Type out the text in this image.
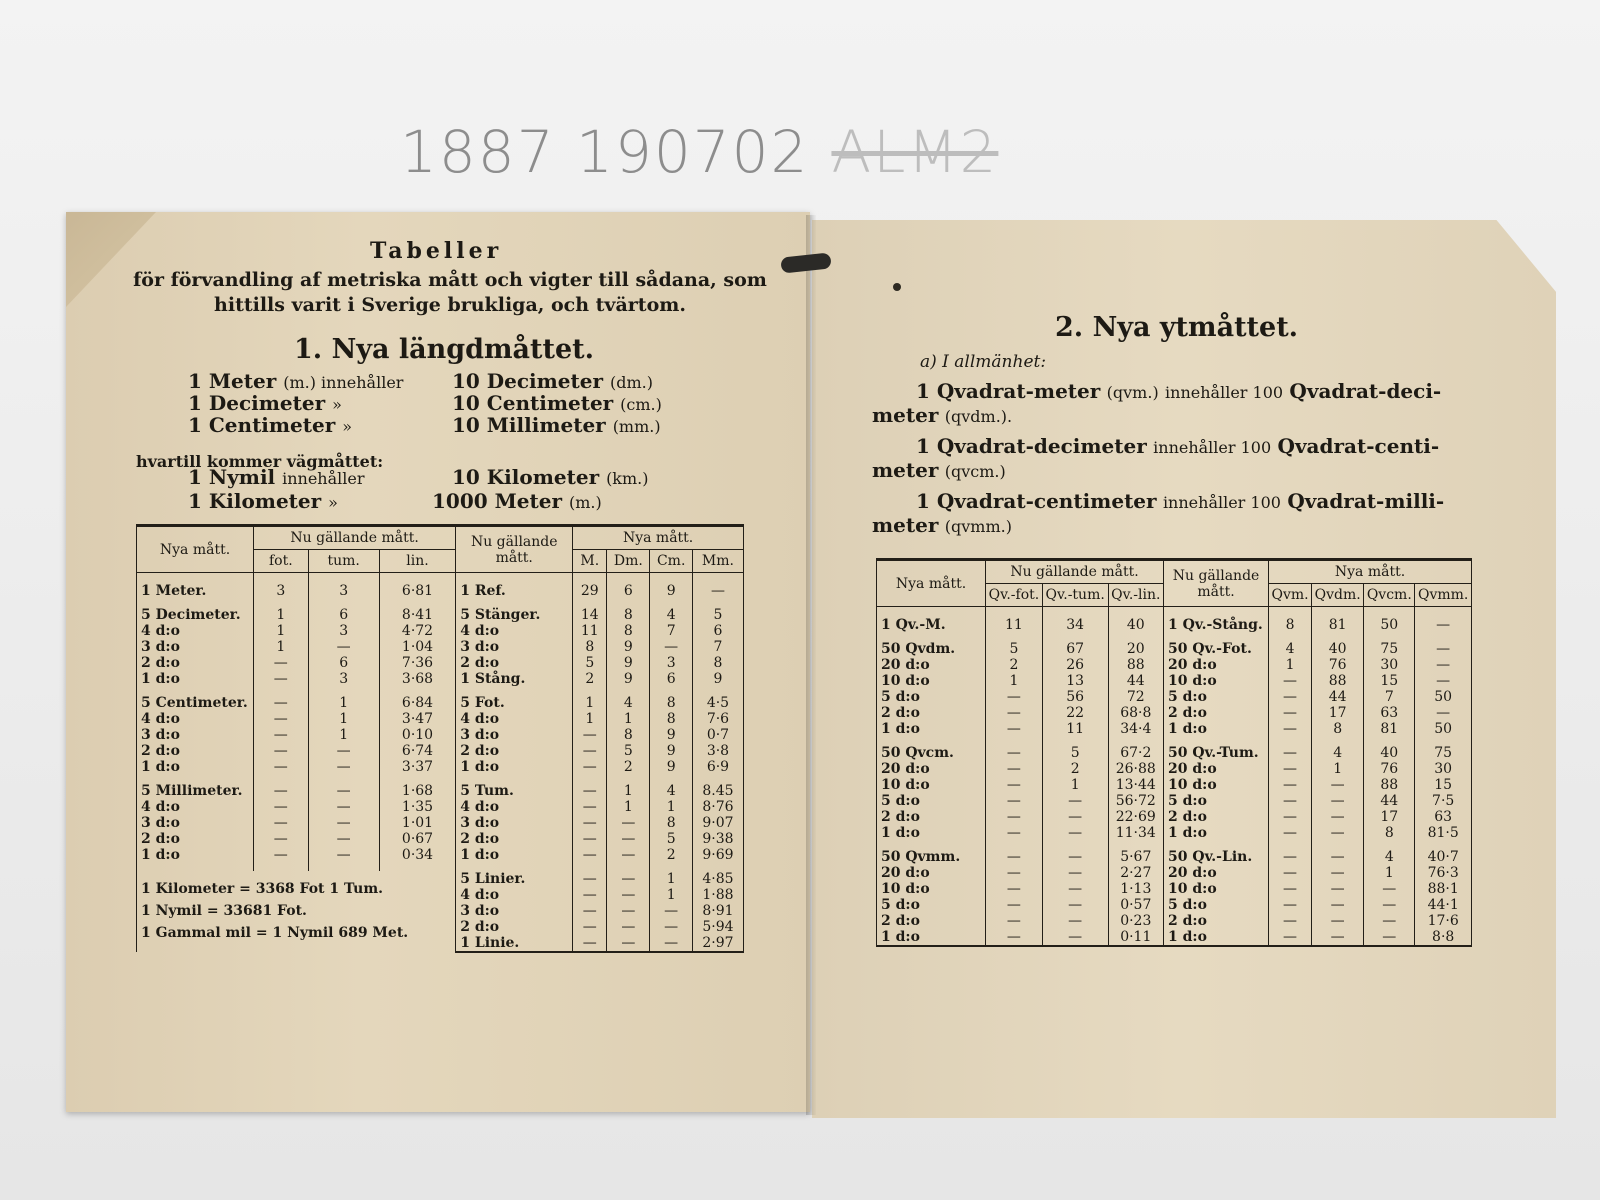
1887 190702 ALM2
Tabeller
för förvandling af metriska mått och vigter till sådana, som hittills varit i Sverige brukliga, och tvärtom.
1. Nya längdmåttet.
1 Meter (m.) innehåller 10 Decimeter (dm.)
1 Decimeter »	10 Centimeter (cm.)
1 Centimeter »	10 Millimeter (mm.)
hvartill kommer vägmåttet:
1 Nymil innehåller	10 Kilometer (km.)
1 Kilometer »	1000 Meter (m.)
Nya mått.	Nu gällande mått.			Nu gällande mått.	Nya mått.			
	fot.	tum.	lin.		M.	Dm.	Cm.	Mm.
1 Meter.	3	3	6·81	1 Ref.	29	6	9	—

5 Decimeter.	1	6	8·41	5 Stänger.	14	8	4	5
4 d:o	1	3	4·72	4 d:o	11	8	7	6
3 d:o	1	—	1·04	3 d:o	8	9	—	7
2 d:o	—	6	7·36	2 d:o	5	9	3	8
1 d:o	—	3	3·68	1 Stång.	2	9	6	9

5 Centimeter.	—	1	6·84	5 Fot.	1	4	8	4·5
4 d:o	—	1	3·47	4 d:o	1	1	8	7·6
3 d:o	—	1	0·10	3 d:o	—	8	9	0·7
2 d:o	—	—	6·74	2 d:o	—	5	9	3·8
1 d:o	—	—	3·37	1 d:o	—	2	9	6·9

5 Millimeter.	—	—	1·68	5 Tum.	—	1	4	8.45
4 d:o	—	—	1·35	4 d:o	—	1	1	8·76
3 d:o	—	—	1·01	3 d:o	—	—	8	9·07
2 d:o	—	—	0·67	2 d:o	—	—	5	9·38
1 d:o	—	—	0·34	1 d:o	—	—	2	9·69

1 Kilometer = 3368 Fot 1 Tum.
1 Nymil = 33681 Fot.
1 Gammal mil = 1 Nymil 689 Met.				5 Linier.	—	—	1	4·85
				4 d:o	—	—	1	1·88
				3 d:o	—	—	—	8·91
				2 d:o	—	—	—	5·94
				1 Linie.	—	—	—	2·97
2. Nya ytmåttet.
a) I allmänhet:
1 Qvadrat-meter (qvm.) innehåller 100 Qvadrat-deci-meter (qvdm.).
1 Qvadrat-decimeter innehåller 100 Qvadrat-centi-meter (qvcm.)
1 Qvadrat-centimeter innehåller 100 Qvadrat-milli-meter (qvmm.)
Nya mått.	Nu gällande mått.			Nu gällande mått.	Nya mått.			
	Qv.-fot.	Qv.-tum.	Qv.-lin.		Qvm.	Qvdm.	Qvcm.	Qvmm.
1 Qv.-M.	11	34	40	1 Qv.-Stång.	8	81	50	—

50 Qvdm.	5	67	20	50 Qv.-Fot.	4	40	75	—
20 d:o	2	26	88	20 d:o	1	76	30	—
10 d:o	1	13	44	10 d:o	—	88	15	—
5 d:o	—	56	72	5 d:o	—	44	7	50
2 d:o	—	22	68·8	2 d:o	—	17	63	—
1 d:o	—	11	34·4	1 d:o	—	8	81	50

50 Qvcm.	—	5	67·2	50 Qv.-Tum.	—	4	40	75
20 d:o	—	2	26·88	20 d:o	—	1	76	30
10 d:o	—	1	13·44	10 d:o	—	—	88	15
5 d:o	—	—	56·72	5 d:o	—	—	44	7·5
2 d:o	—	—	22·69	2 d:o	—	—	17	63
1 d:o	—	—	11·34	1 d:o	—	—	8	81·5

50 Qvmm.	—	—	5·67	50 Qv.-Lin.	—	—	4	40·7
20 d:o	—	—	2·27	20 d:o	—	—	1	76·3
10 d:o	—	—	1·13	10 d:o	—	—	—	88·1
5 d:o	—	—	0·57	5 d:o	—	—	—	44·1
2 d:o	—	—	0·23	2 d:o	—	—	—	17·6
1 d:o	—	—	0·11	1 d:o	—	—	—	8·8
